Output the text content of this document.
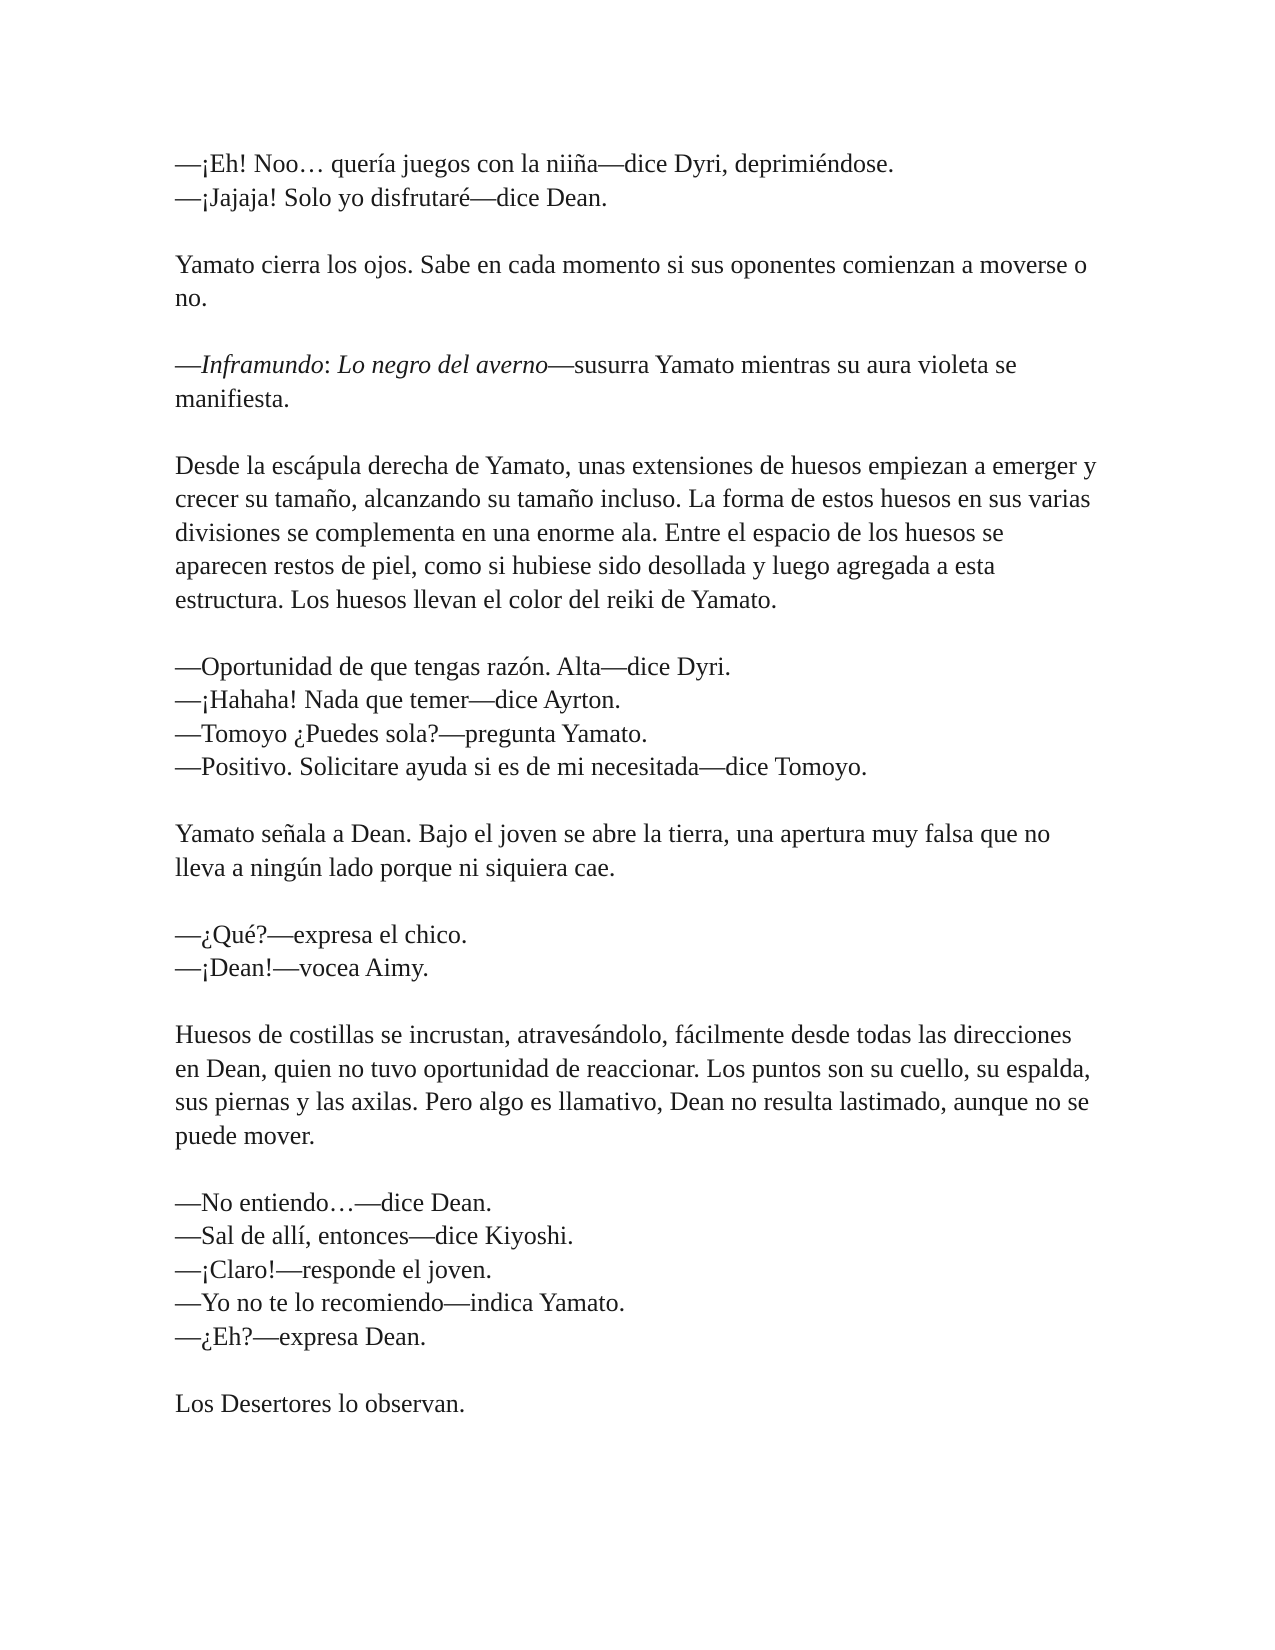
—¡Eh! Noo… quería juegos con la niiña—dice Dyri, deprimiéndose.
—¡Jajaja! Solo yo disfrutaré—dice Dean.
Yamato cierra los ojos. Sabe en cada momento si sus oponentes comienzan a moverse o no.
—Inframundo: Lo negro del averno—susurra Yamato mientras su aura violeta se manifiesta.
Desde la escápula derecha de Yamato, unas extensiones de huesos empiezan a emerger y crecer su tamaño, alcanzando su tamaño incluso. La forma de estos huesos en sus varias divisiones se complementa en una enorme ala. Entre el espacio de los huesos se aparecen restos de piel, como si hubiese sido desollada y luego agregada a esta estructura. Los huesos llevan el color del reiki de Yamato.
—Oportunidad de que tengas razón. Alta—dice Dyri.
—¡Hahaha! Nada que temer—dice Ayrton.
—Tomoyo ¿Puedes sola?—pregunta Yamato.
—Positivo. Solicitare ayuda si es de mi necesitada—dice Tomoyo.
Yamato señala a Dean. Bajo el joven se abre la tierra, una apertura muy falsa que no lleva a ningún lado porque ni siquiera cae.
—¿Qué?—expresa el chico.
—¡Dean!—vocea Aimy.
Huesos de costillas se incrustan, atravesándolo, fácilmente desde todas las direcciones en Dean, quien no tuvo oportunidad de reaccionar. Los puntos son su cuello, su espalda, sus piernas y las axilas. Pero algo es llamativo, Dean no resulta lastimado, aunque no se puede mover.
—No entiendo…—dice Dean.
—Sal de allí, entonces—dice Kiyoshi.
—¡Claro!—responde el joven.
—Yo no te lo recomiendo—indica Yamato.
—¿Eh?—expresa Dean.
Los Desertores lo observan.
